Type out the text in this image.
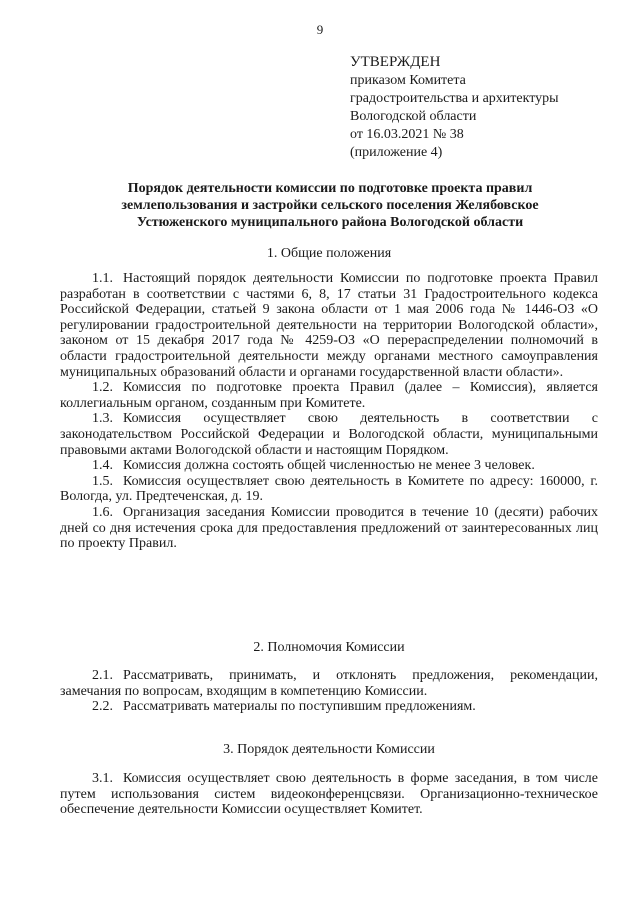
9
УТВЕРЖДЕН
приказом Комитета
градостроительства и архитектуры
Вологодской области
от 16.03.2021 № 38
(приложение 4)
Порядок деятельности комиссии по подготовке проекта правил землепользования и застройки сельского поселения Желябовское Устюженского муниципального района Вологодской области
1. Общие положения

1.1. Настоящий порядок деятельности Комиссии по подготовке проекта Правил разработан в соответствии с частями 6, 8, 17 статьи 31 Градостроительного кодекса Российской Федерации, статьей 9 закона области от 1 мая 2006 года № 1446-ОЗ «О регулировании градостроительной деятельности на территории Вологодской области», законом от 15 декабря 2017 года № 4259-ОЗ «О перераспределении полномочий в области градостроительной деятельности между органами местного самоуправления муниципальных образований области и органами государственной власти области».

1.2. Комиссия по подготовке проекта Правил (далее – Комиссия), является коллегиальным органом, созданным при Комитете.

1.3. Комиссия осуществляет свою деятельность в соответствии с законодательством Российской Федерации и Вологодской области, муниципальными правовыми актами Вологодской области и настоящим Порядком.

1.4. Комиссия должна состоять общей численностью не менее 3 человек.

1.5. Комиссия осуществляет свою деятельность в Комитете по адресу: 160000, г. Вологда, ул. Предтеченская, д. 19.

1.6. Организация заседания Комиссии проводится в течение 10 (десяти) рабочих дней со дня истечения срока для предоставления предложений от заинтересованных лиц по проекту Правил.

2. Полномочия Комиссии

2.1. Рассматривать, принимать, и отклонять предложения, рекомендации, замечания по вопросам, входящим в компетенцию Комиссии.

2.2. Рассматривать материалы по поступившим предложениям.

3. Порядок деятельности Комиссии

3.1. Комиссия осуществляет свою деятельность в форме заседания, в том числе путем использования систем видеоконференцсвязи. Организационно-техническое обеспечение деятельности Комиссии осуществляет Комитет.
